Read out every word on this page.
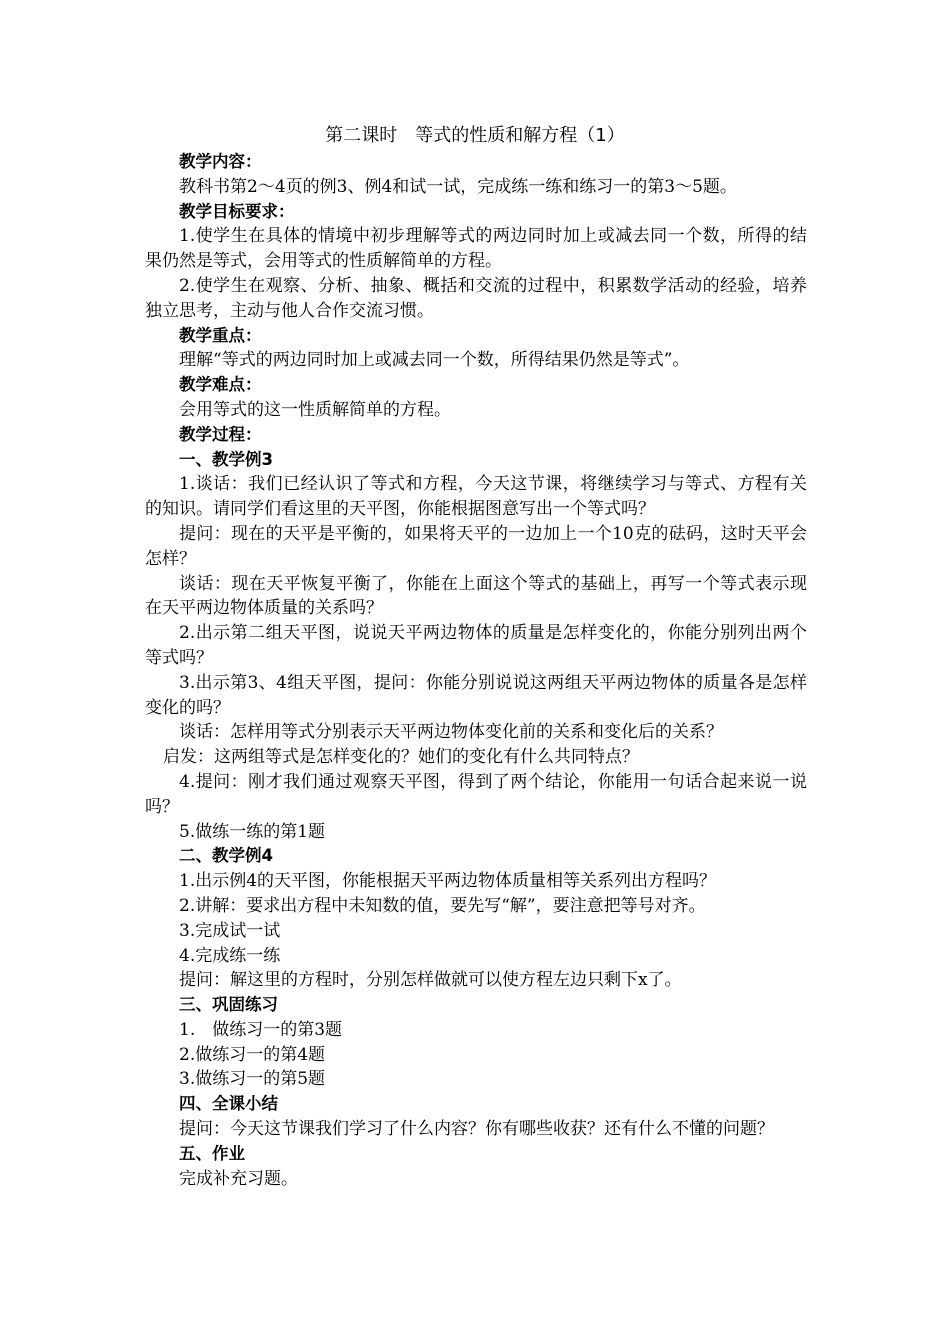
第二课时　等式的性质和解方程（1）

教学内容：

教科书第2～4页的例3、例4和试一试，完成练一练和练习一的第3～5题。

教学目标要求：

1.使学生在具体的情境中初步理解等式的两边同时加上或减去同一个数，所得的结果仍然是等式，会用等式的性质解简单的方程。

2.使学生在观察、分析、抽象、概括和交流的过程中，积累数学活动的经验，培养独立思考，主动与他人合作交流习惯。

教学重点：

理解“等式的两边同时加上或减去同一个数，所得结果仍然是等式”。

教学难点：

会用等式的这一性质解简单的方程。

教学过程：

一、教学例3

1.谈话：我们已经认识了等式和方程，今天这节课，将继续学习与等式、方程有关的知识。请同学们看这里的天平图，你能根据图意写出一个等式吗？

提问：现在的天平是平衡的，如果将天平的一边加上一个10克的砝码，这时天平会怎样？

谈话：现在天平恢复平衡了，你能在上面这个等式的基础上，再写一个等式表示现在天平两边物体质量的关系吗？

2.出示第二组天平图，说说天平两边物体的质量是怎样变化的，你能分别列出两个等式吗？

3.出示第3、4组天平图，提问：你能分别说说这两组天平两边物体的质量各是怎样变化的吗？

谈话：怎样用等式分别表示天平两边物体变化前的关系和变化后的关系？

启发：这两组等式是怎样变化的？她们的变化有什么共同特点？

4.提问：刚才我们通过观察天平图，得到了两个结论，你能用一句话合起来说一说吗？

5.做练一练的第1题

二、教学例4

1.出示例4的天平图，你能根据天平两边物体质量相等关系列出方程吗？

2.讲解：要求出方程中未知数的值，要先写“解”，要注意把等号对齐。

3.完成试一试

4.完成练一练

提问：解这里的方程时，分别怎样做就可以使方程左边只剩下x了。

三、巩固练习

1.　做练习一的第3题

2.做练习一的第4题

3.做练习一的第5题

四、全课小结

提问：今天这节课我们学习了什么内容？你有哪些收获？还有什么不懂的问题？

五、作业

完成补充习题。
